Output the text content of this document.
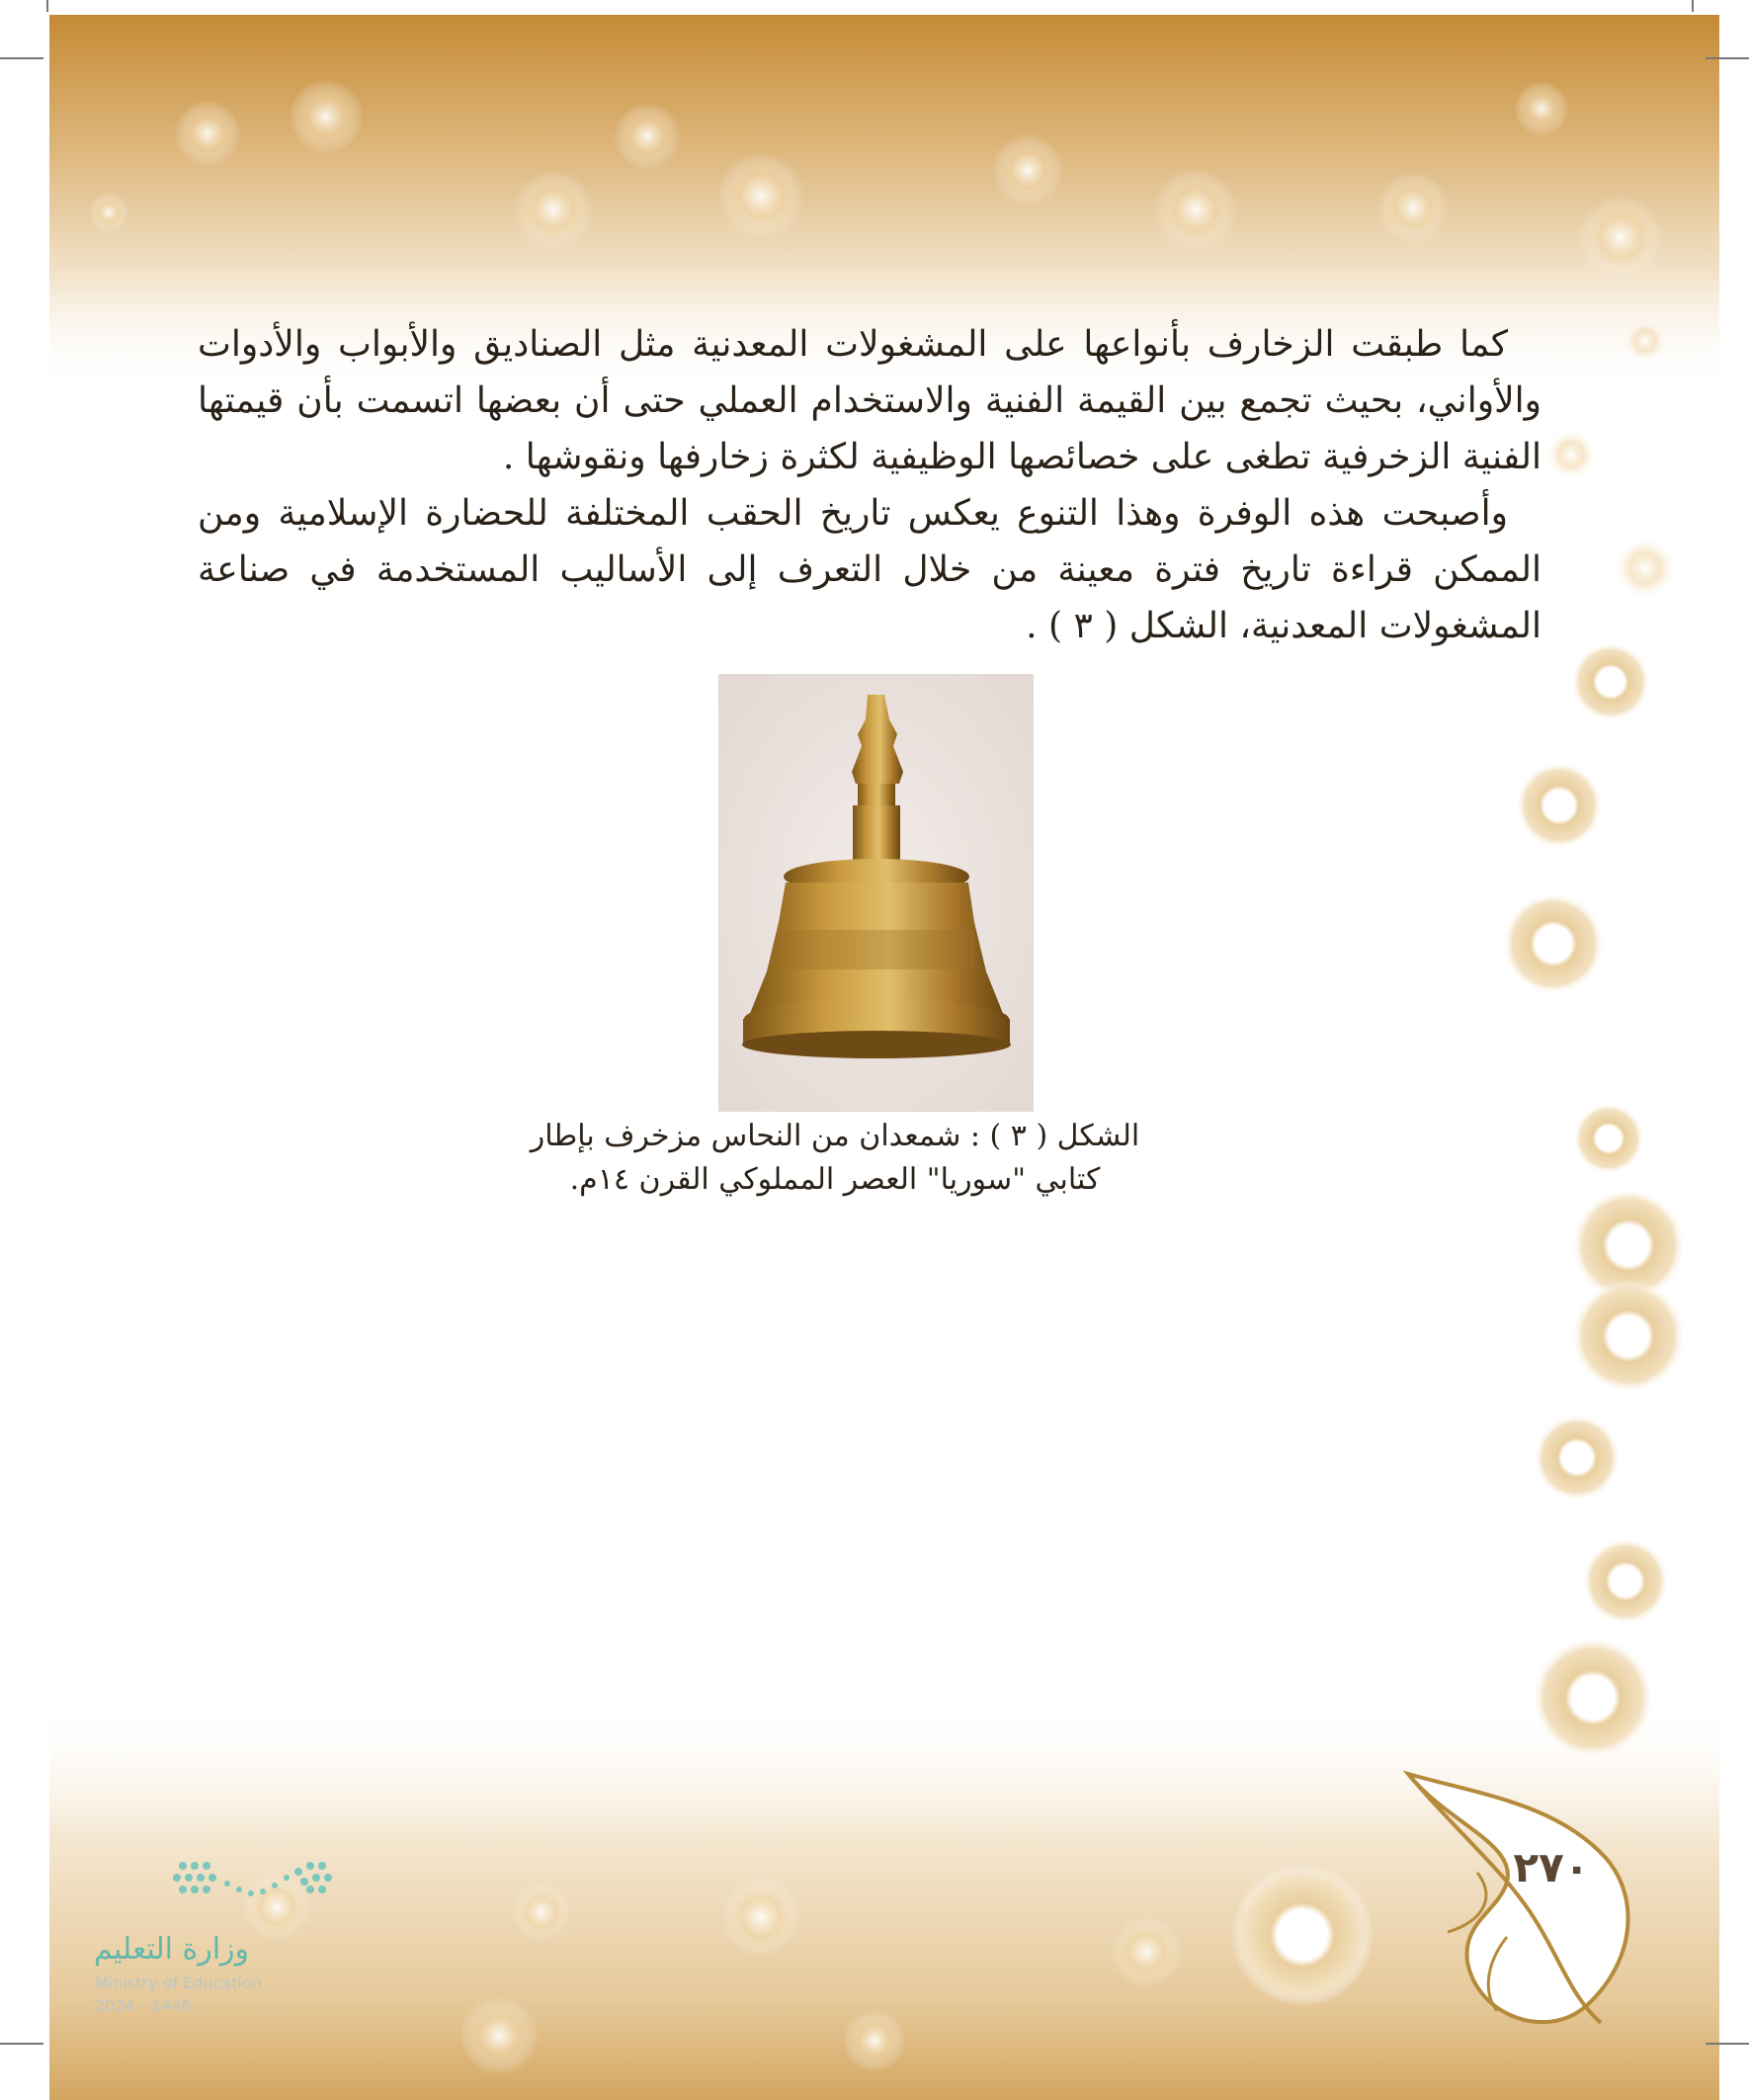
كما طبقت الزخارف بأنواعها على المشغولات المعدنية مثل الصناديق والأبواب والأدوات والأواني، بحيث تجمع بين القيمة الفنية والاستخدام العملي حتى أن بعضها اتسمت بأن قيمتها الفنية الزخرفية تطغى على خصائصها الوظيفية لكثرة زخارفها ونقوشها .

وأصبحت هذه الوفرة وهذا التنوع يعكس تاريخ الحقب المختلفة للحضارة الإسلامية ومن الممكن قراءة تاريخ فترة معينة من خلال التعرف إلى الأساليب المستخدمة في صناعة المشغولات المعدنية، الشكل ( ٣ ) .

الشكل ( ٣ ) : شمعدان من النحاس مزخرف بإطار

كتابي "سوريا" العصر المملوكي القرن ١٤م.

٢٧٠
وزارة التعليم
Ministry of Education
2024 - 1446
